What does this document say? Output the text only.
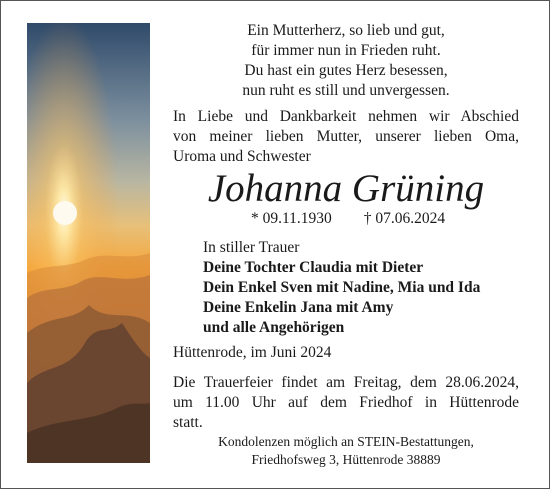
Ein Mutterherz, so lieb und gut,
für immer nun in Frieden ruht.
Du hast ein gutes Herz besessen,
nun ruht es still und unvergessen.
In Liebe und Dankbarkeit nehmen wir Abschied
von meiner lieben Mutter, unserer lieben Oma,
Uroma und Schwester
Johanna Grüning
* 09.11.1930 † 07.06.2024
In stiller Trauer
Deine Tochter Claudia mit Dieter
Dein Enkel Sven mit Nadine, Mia und Ida
Deine Enkelin Jana mit Amy
und alle Angehörigen
Hüttenrode, im Juni 2024
Die Trauerfeier findet am Freitag, dem 28.06.2024,
um 11.00 Uhr auf dem Friedhof in Hüttenrode
statt.
Kondolenzen möglich an STEIN-Bestattungen,
Friedhofsweg 3, Hüttenrode 38889
